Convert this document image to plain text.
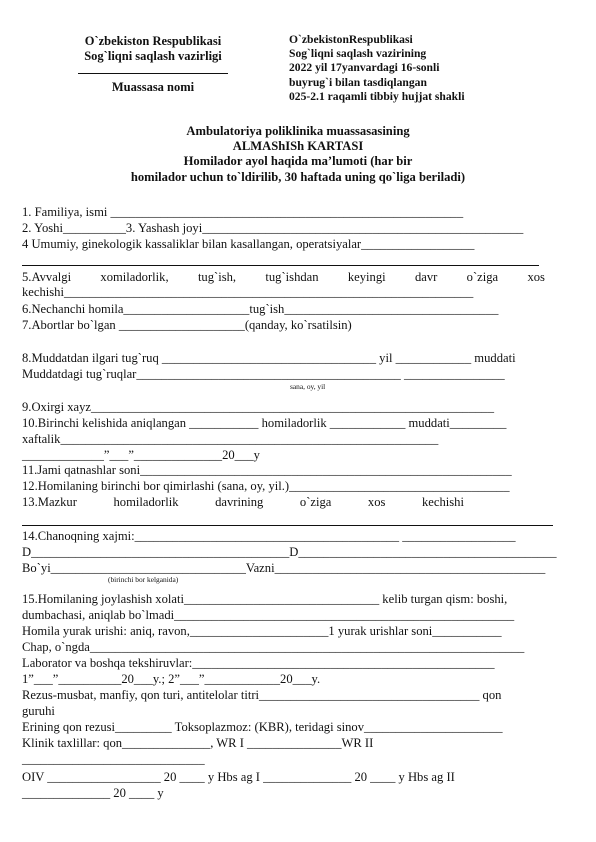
O`zbekiston Respublikasi
Sog`liqni saqlash vazirligi
Muassasa nomi
O`zbekistonRespublikasi
Sog`liqni saqlash vazirining
2022 yil 17yanvardagi 16-sonli
buyrug`i bilan tasdiqlangan
025-2.1 raqamli tibbiy hujjat shakli
Ambulatoriya poliklinika muassasasining
ALMAShISh KARTASI
Homilador ayol haqida ma’lumoti (har bir
homilador uchun to`ldirilib, 30 haftada uning qo`liga beriladi)
1. Familiya, ismi ________________________________________________________
2. Yoshi__________3. Yashash joyi___________________________________________________
4 Umumiy, ginekologik kassaliklar bilan kasallangan, operatsiyalar__________________
5.Avvalgi xomiladorlik, tug`ish, tug`ishdan keyingi davr o`ziga xos
kechishi_________________________________________________________________
6.Nechanchi homila____________________tug`ish__________________________________
7.Abortlar bo`lgan ____________________(qanday, ko`rsatilsin)
8.Muddatdan ilgari tug`ruq __________________________________ yil ____________ muddati
Muddatdagi tug`ruqlar__________________________________________ ________________
sana, oy, yil
9.Oxirgi xayz________________________________________________________________
10.Birinchi kelishida aniqlangan ___________ homiladorlik ____________ muddati_________
xaftalik____________________________________________________________
_____________”___”______________20___y
11.Jami qatnashlar soni___________________________________________________________
12.Homilaning birinchi bor qimirlashi (sana, oy, yil.)___________________________________
13.Mazkur	homiladorlik	davrining	o`ziga	xos	kechishi
14.Chanoqning xajmi:__________________________________________ __________________
D_________________________________________D_________________________________________
Bo`yi_______________________________Vazni___________________________________________
(birinchi bor kelganida)
15.Homilaning joylashish xolati_______________________________ kelib turgan qism: boshi,
dumbachasi, aniqlab bo`lmadi______________________________________________________
Homila yurak urishi: aniq, ravon,______________________1 yurak urishlar soni___________
Chap, o`ngda_____________________________________________________________________
Laborator va boshqa tekshiruvlar:________________________________________________
1”___”__________20___y.; 2”___”____________20___y.
Rezus-musbat, manfiy, qon turi, antitelolar titri___________________________________ qon
guruhi
Erining qon rezusi_________ Toksoplazmoz: (KBR), teridagi sinov______________________
Klinik taxlillar: qon______________, WR I _______________WR II
_____________________________
OIV __________________ 20 ____ y Hbs ag I ______________ 20 ____ y Hbs ag II
______________ 20 ____ y
